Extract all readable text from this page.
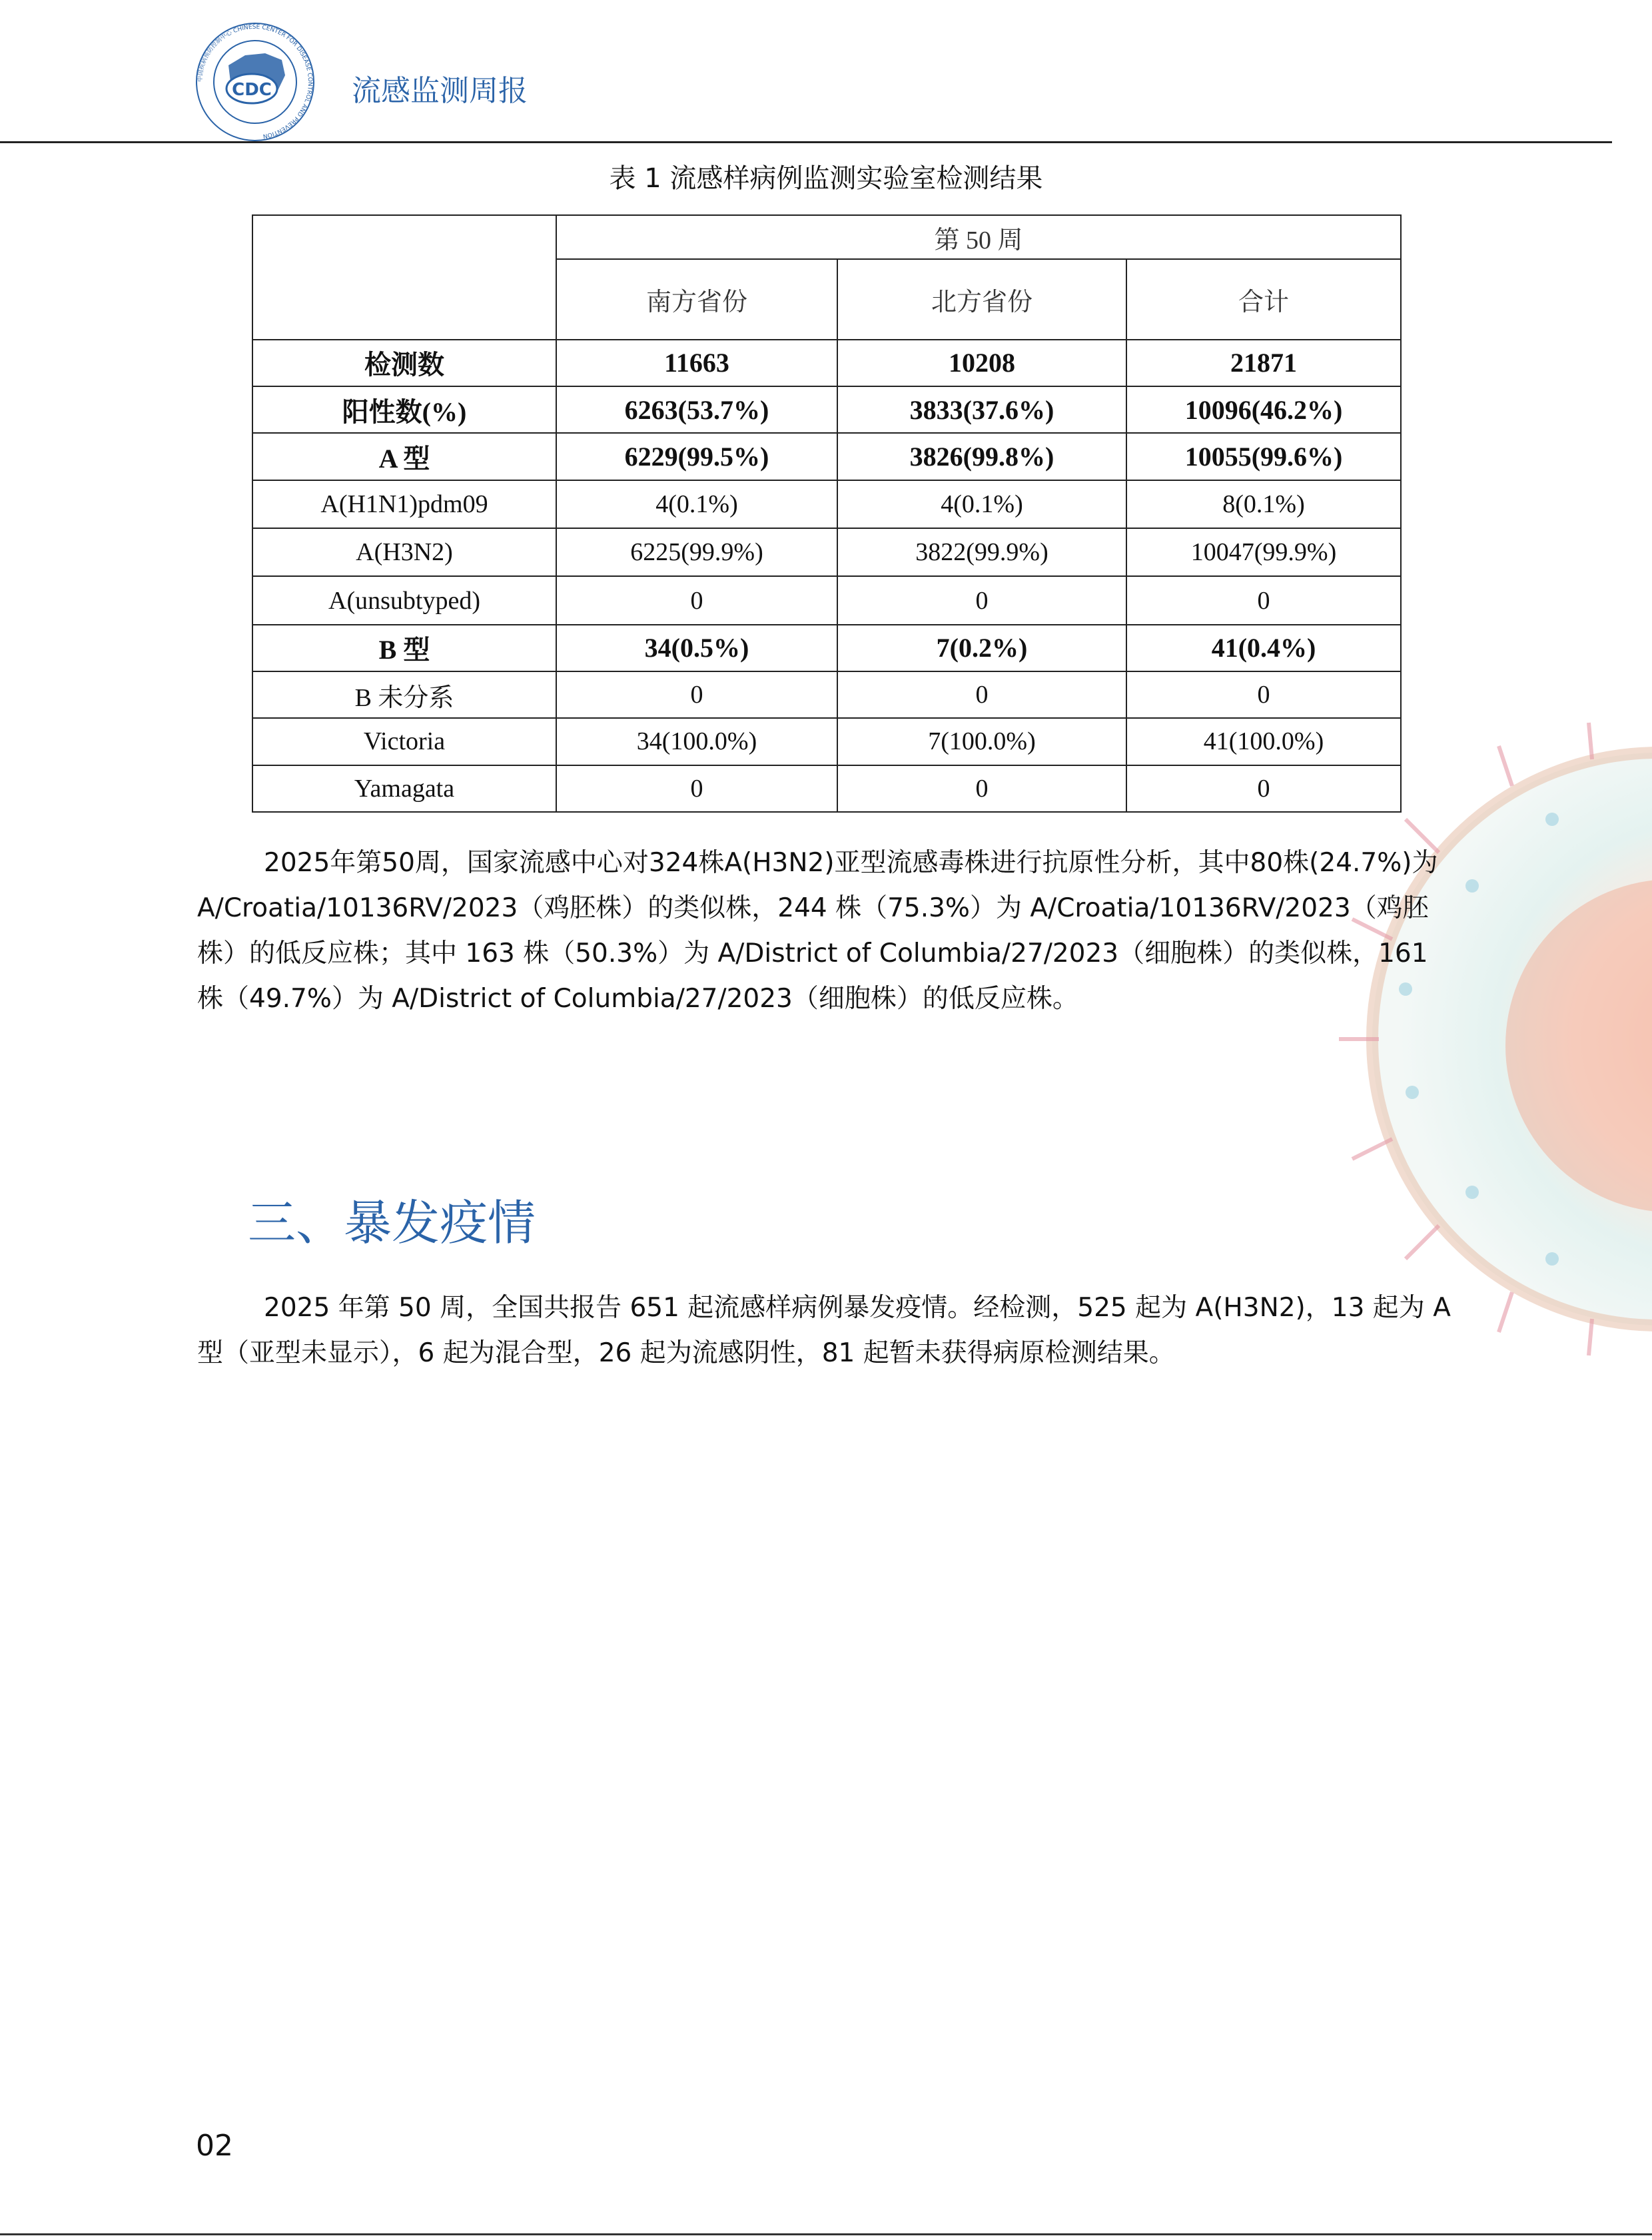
中国疾病预防控制中心 CHINESE CENTER FOR DISEASE CONTROL AND PREVENTION
CDC	流感监测周报
表 1 流感样病例监测实验室检测结果
	第 50 周		
	南方省份	北方省份	合计
检测数	11663	10208	21871
阳性数(%)	6263(53.7%)	3833(37.6%)	10096(46.2%)
A 型	6229(99.5%)	3826(99.8%)	10055(99.6%)
A(H1N1)pdm09	4(0.1%)	4(0.1%)	8(0.1%)
A(H3N2)	6225(99.9%)	3822(99.9%)	10047(99.9%)
A(unsubtyped)	0	0	0
B 型	34(0.5%)	7(0.2%)	41(0.4%)
B 未分系	0	0	0
Victoria	34(100.0%)	7(100.0%)	41(100.0%)
Yamagata	0	0	0

2025年第50周，国家流感中心对324株A(H3N2)亚型流感毒株进行抗原性分析，其中80株(24.7%)为 A/Croatia/10136RV/2023（鸡胚株）的类似株，244 株（75.3%）为 A/Croatia/10136RV/2023（鸡胚株）的低反应株；其中 163 株（50.3%）为 A/District of Columbia/27/2023（细胞株）的类似株，161 株（49.7%）为 A/District of Columbia/27/2023（细胞株）的低反应株。

三、暴发疫情

2025 年第 50 周，全国共报告 651 起流感样病例暴发疫情。经检测，525 起为 A(H3N2)，13 起为 A 型（亚型未显示），6 起为混合型，26 起为流感阴性，81 起暂未获得病原检测结果。

02
